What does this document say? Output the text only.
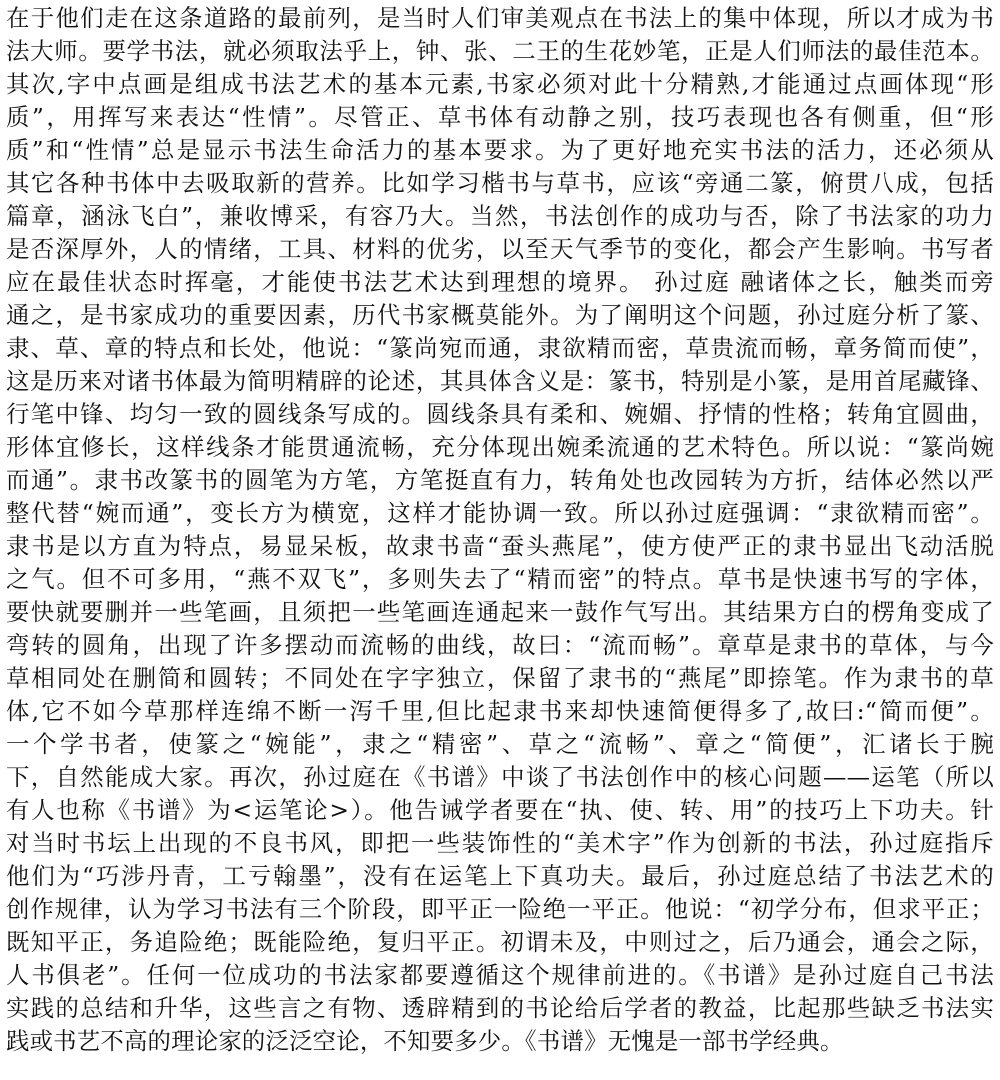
在于他们走在这条道路的最前列，是当时人们审美观点在书法上的集中体现，所以才成为书
法大师。要学书法，就必须取法乎上，钟、张、二王的生花妙笔，正是人们师法的最佳范本。
其次,字中点画是组成书法艺术的基本元素,书家必须对此十分精熟,才能通过点画体现“形
质”，用挥写来表达“性情”。尽管正、草书体有动静之别，技巧表现也各有侧重，但“形
质”和“性情”总是显示书法生命活力的基本要求。为了更好地充实书法的活力，还必须从
其它各种书体中去吸取新的营养。比如学习楷书与草书，应该“旁通二篆，俯贯八成，包括
篇章，涵泳飞白”，兼收博采，有容乃大。当然，书法创作的成功与否，除了书法家的功力
是否深厚外，人的情绪，工具、材料的优劣，以至天气季节的变化，都会产生影响。书写者
应在最佳状态时挥毫，才能使书法艺术达到理想的境界。 孙过庭 融诸体之长，触类而旁
通之，是书家成功的重要因素，历代书家概莫能外。为了阐明这个问题，孙过庭分析了篆、
隶、草、章的特点和长处，他说：“篆尚宛而通，隶欲精而密，草贵流而畅，章务简而使”，
这是历来对诸书体最为简明精辟的论述，其具体含义是：篆书，特别是小篆，是用首尾藏锋、
行笔中锋、均匀一致的圆线条写成的。圆线条具有柔和、婉媚、抒情的性格；转角宜圆曲，
形体宜修长，这样线条才能贯通流畅，充分体现出婉柔流通的艺术特色。所以说：“篆尚婉
而通”。隶书改篆书的圆笔为方笔，方笔挺直有力，转角处也改园转为方折，结体必然以严
整代替“婉而通”，变长方为横宽，这样才能协调一致。所以孙过庭强调：“隶欲精而密”。
隶书是以方直为特点，易显呆板，故隶书啬“蚕头燕尾”，使方使严正的隶书显出飞动活脱
之气。但不可多用，“燕不双飞”，多则失去了“精而密”的特点。草书是快速书写的字体，
要快就要删并一些笔画，且须把一些笔画连通起来一鼓作气写出。其结果方白的楞角变成了
弯转的圆角，出现了许多摆动而流畅的曲线，故曰：“流而畅”。章草是隶书的草体，与今
草相同处在删简和圆转；不同处在字字独立，保留了隶书的“燕尾”即捺笔。作为隶书的草
体,它不如今草那样连绵不断一泻千里,但比起隶书来却快速简便得多了,故曰:“简而便”。
一个学书者，使篆之“婉能”，隶之“精密”、草之“流畅”、章之“简便”，汇诸长于腕
下，自然能成大家。再次，孙过庭在《书谱》中谈了书法创作中的核心问题——运笔（所以
有人也称《书谱》为<运笔论>）。他告诫学者要在“执、使、转、用”的技巧上下功夫。针
对当时书坛上出现的不良书风，即把一些装饰性的“美术字”作为创新的书法，孙过庭指斥
他们为“巧涉丹青，工亏翰墨”，没有在运笔上下真功夫。最后，孙过庭总结了书法艺术的
创作规律，认为学习书法有三个阶段，即平正一险绝一平正。他说：“初学分布，但求平正；
既知平正，务追险绝；既能险绝，复归平正。初谓未及，中则过之，后乃通会，通会之际，
人书俱老”。任何一位成功的书法家都要遵循这个规律前进的。《书谱》是孙过庭自己书法
实践的总结和升华，这些言之有物、透辟精到的书论给后学者的教益，比起那些缺乏书法实
践或书艺不高的理论家的泛泛空论，不知要多少。《书谱》无愧是一部书学经典。
